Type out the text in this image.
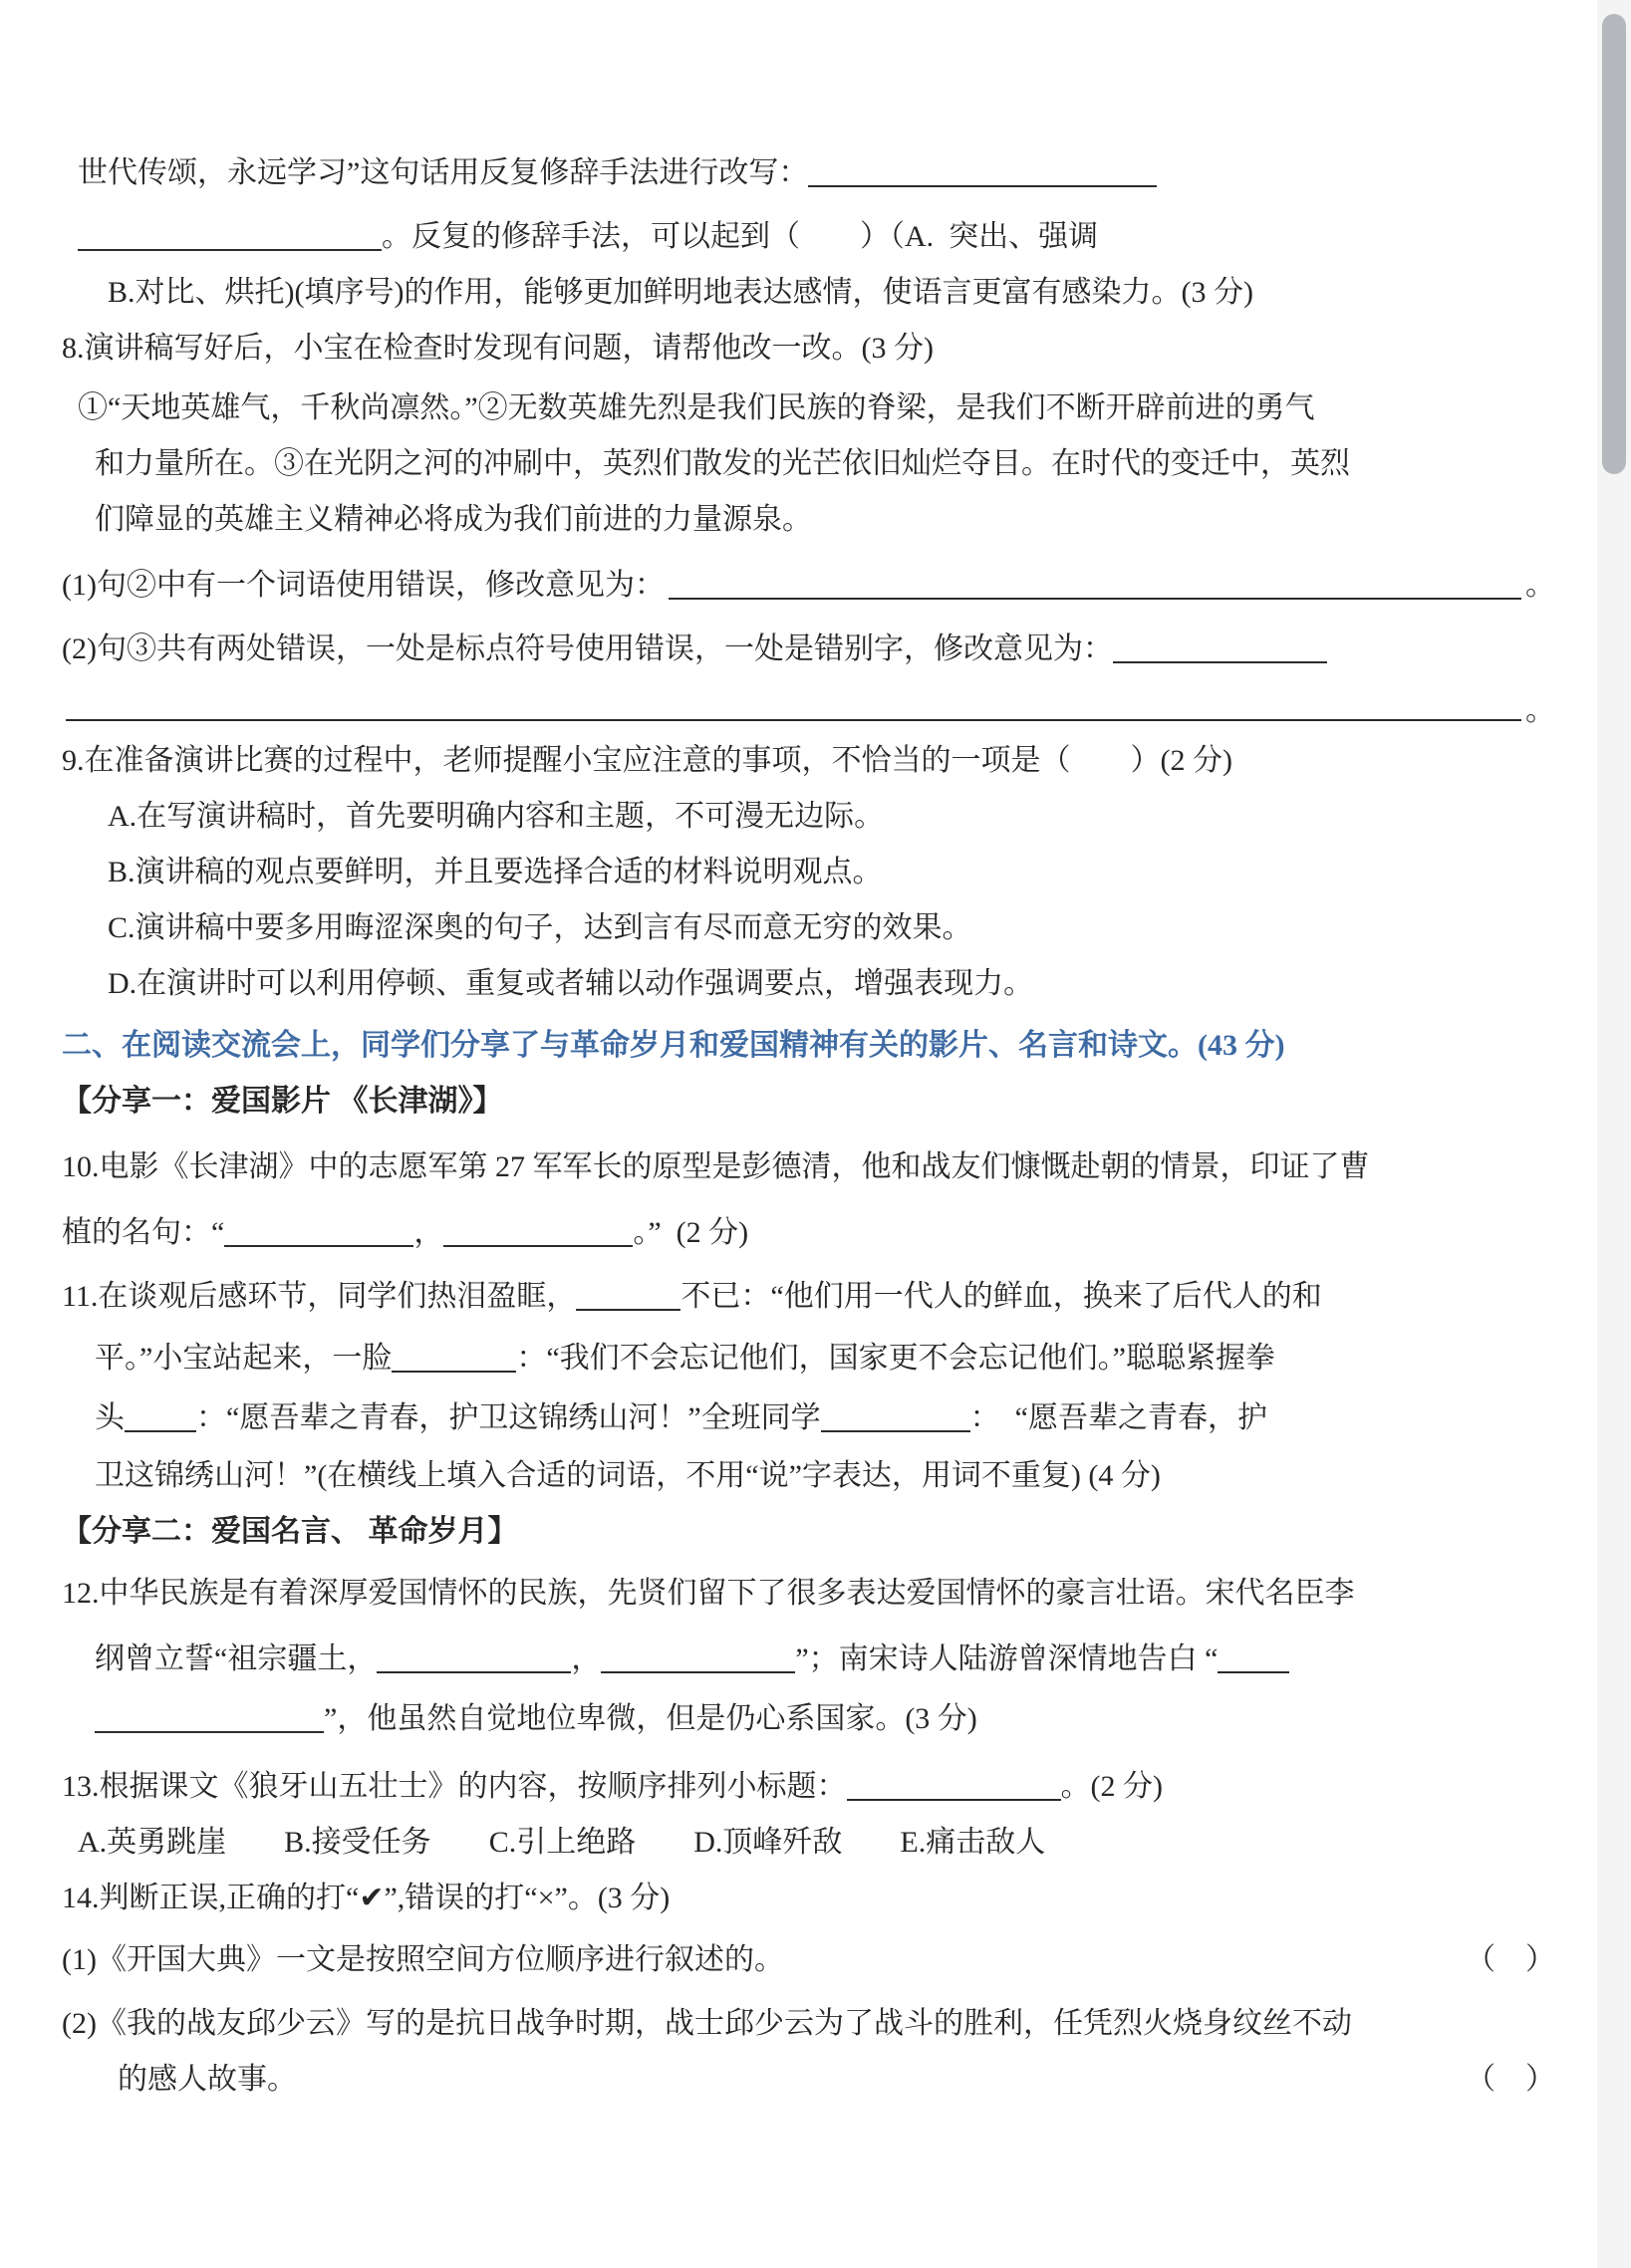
世代传颂，永远学习”这句话用反复修辞手法进行改写：
。反复的修辞手法，可以起到（　　）（A.  突出、强调
B.对比、烘托)(填序号)的作用，能够更加鲜明地表达感情，使语言更富有感染力。(3 分)
8.演讲稿写好后，小宝在检查时发现有问题，请帮他改一改。(3 分)
①“天地英雄气，千秋尚凛然。”②无数英雄先烈是我们民族的脊梁，是我们不断开辟前进的勇气
和力量所在。③在光阴之河的冲刷中，英烈们散发的光芒依旧灿烂夺目。在时代的变迁中，英烈
们障显的英雄主义精神必将成为我们前进的力量源泉。
(1)句②中有一个词语使用错误，修改意见为：	。
(2)句③共有两处错误，一处是标点符号使用错误，一处是错别字，修改意见为：
。
9.在准备演讲比赛的过程中，老师提醒小宝应注意的事项，不恰当的一项是（　　）(2 分)
A.在写演讲稿时，首先要明确内容和主题，不可漫无边际。
B.演讲稿的观点要鲜明，并且要选择合适的材料说明观点。
C.演讲稿中要多用晦涩深奥的句子，达到言有尽而意无穷的效果。
D.在演讲时可以利用停顿、重复或者辅以动作强调要点，增强表现力。
二、在阅读交流会上，同学们分享了与革命岁月和爱国精神有关的影片、名言和诗文。(43 分)
【分享一：爱国影片 《长津湖》】
10.电影《长津湖》中的志愿军第 27 军军长的原型是彭德清，他和战友们慷慨赴朝的情景，印证了曹
植的名句：“	，	。”  (2 分)
11.在谈观后感环节，同学们热泪盈眶，	不已：“他们用一代人的鲜血，换来了后代人的和
平。”小宝站起来，一脸	：“我们不会忘记他们，国家更不会忘记他们。”聪聪紧握拳
头 ：“愿吾辈之青春，护卫这锦绣山河！”全班同学	：  “愿吾辈之青春，护
卫这锦绣山河！”(在横线上填入合适的词语，不用“说”字表达，用词不重复) (4 分)
【分享二：爱国名言、 革命岁月】
12.中华民族是有着深厚爱国情怀的民族，先贤们留下了很多表达爱国情怀的豪言壮语。宋代名臣李
纲曾立誓“祖宗疆土，	，	”；南宋诗人陆游曾深情地告白 “
”，他虽然自觉地位卑微，但是仍心系国家。(3 分)
13.根据课文《狼牙山五壮士》的内容，按顺序排列小标题：	。(2 分)
A.英勇跳崖 B.接受任务 C.引上绝路 D.顶峰歼敌 E.痛击敌人
14.判断正误,正确的打“✔”,错误的打“×”。(3 分)
(1)《开国大典》一文是按照空间方位顺序进行叙述的。	（    ）
(2)《我的战友邱少云》写的是抗日战争时期，战士邱少云为了战斗的胜利，任凭烈火烧身纹丝不动
的感人故事。	（    ）
